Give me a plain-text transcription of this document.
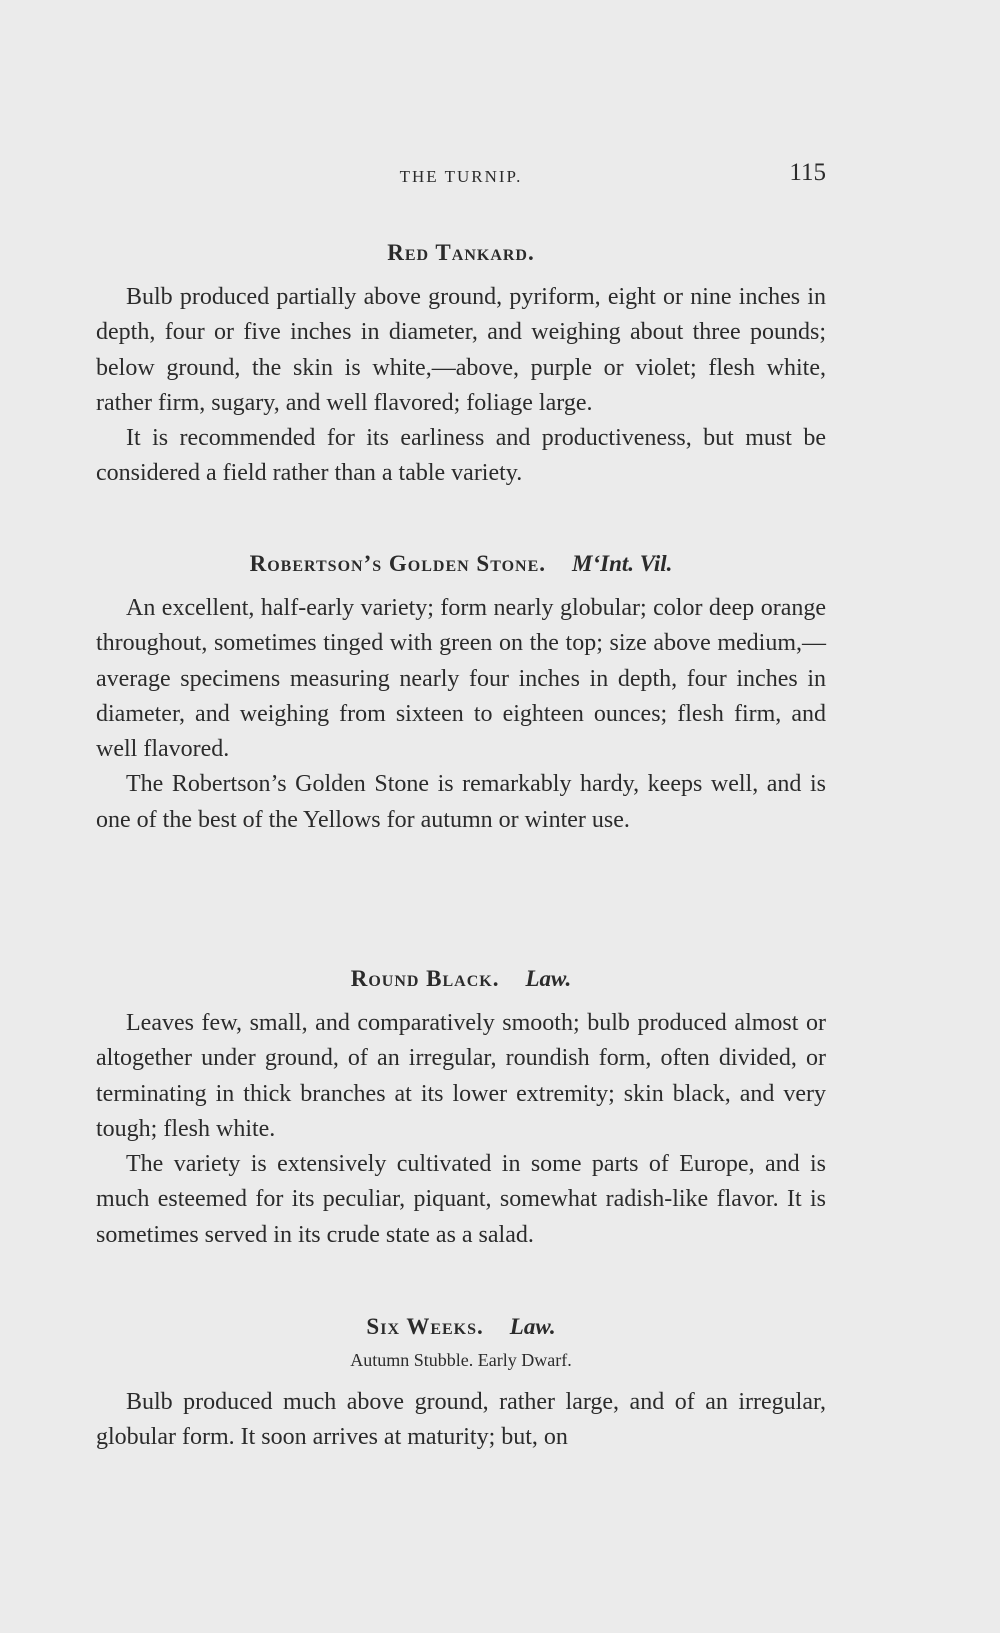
THE TURNIP.	115
Red Tankard.

Bulb produced partially above ground, pyriform, eight or nine inches in depth, four or five inches in diameter, and weighing about three pounds; below ground, the skin is white,—above, purple or violet; flesh white, rather firm, sugary, and well flavored; foliage large.

It is recommended for its earliness and productiveness, but must be considered a field rather than a table variety.

Robertson’s Golden Stone. M‘Int. Vil.

An excellent, half-early variety; form nearly globular; color deep orange throughout, sometimes tinged with green on the top; size above medium,—average specimens measuring nearly four inches in depth, four inches in diameter, and weighing from sixteen to eighteen ounces; flesh firm, and well flavored.

The Robertson’s Golden Stone is remarkably hardy, keeps well, and is one of the best of the Yellows for autumn or winter use.

Round Black. Law.

Leaves few, small, and comparatively smooth; bulb produced almost or altogether under ground, of an irregular, roundish form, often divided, or terminating in thick branches at its lower extremity; skin black, and very tough; flesh white.

The variety is extensively cultivated in some parts of Europe, and is much esteemed for its peculiar, piquant, somewhat radish-like flavor. It is sometimes served in its crude state as a salad.

Six Weeks. Law.

Autumn Stubble. Early Dwarf.

Bulb produced much above ground, rather large, and of an irregular, globular form. It soon arrives at maturity; but, on
